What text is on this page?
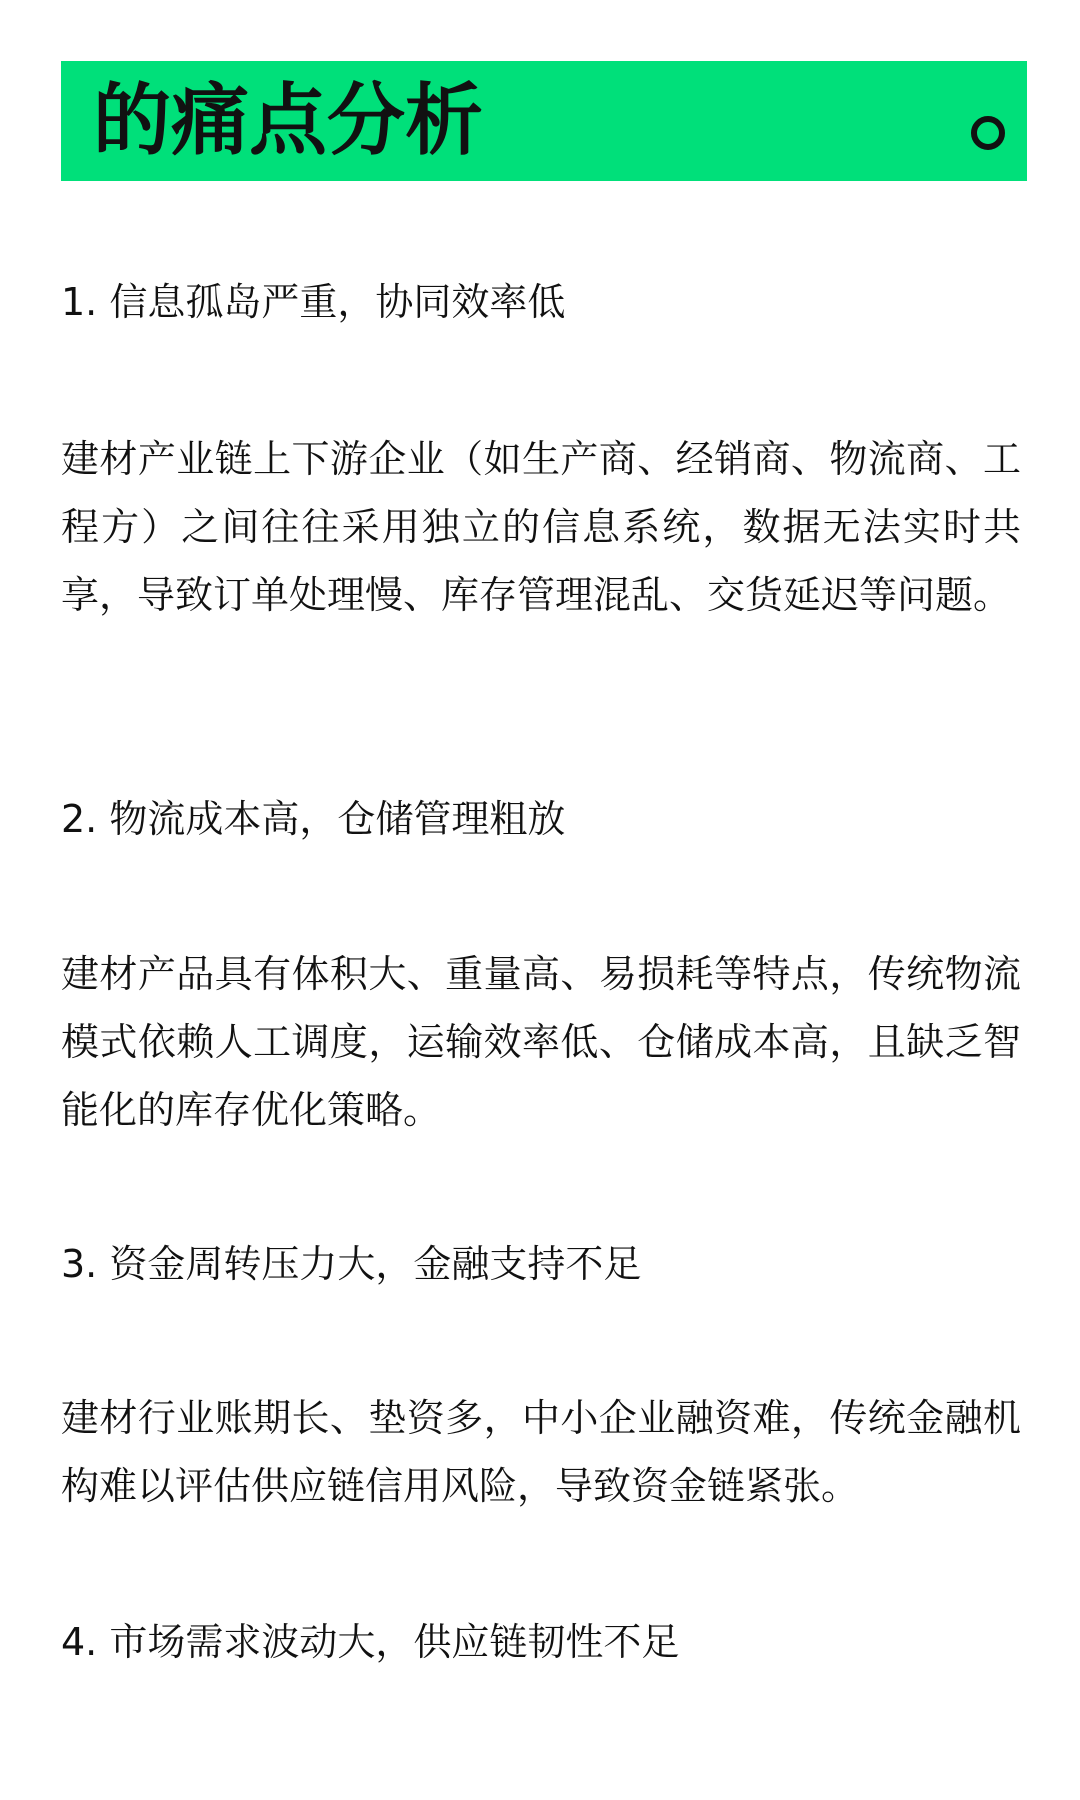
的痛点分析

1. 信息孤岛严重，协同效率低

建材产业链上下游企业（如生产商、经销商、物流商、工程方）之间往往采用独立的信息系统，数据无法实时共享，导致订单处理慢、库存管理混乱、交货延迟等问题。

2. 物流成本高，仓储管理粗放

建材产品具有体积大、重量高、易损耗等特点，传统物流模式依赖人工调度，运输效率低、仓储成本高，且缺乏智能化的库存优化策略。

3. 资金周转压力大，金融支持不足

建材行业账期长、垫资多，中小企业融资难，传统金融机构难以评估供应链信用风险，导致资金链紧张。

4. 市场需求波动大，供应链韧性不足
